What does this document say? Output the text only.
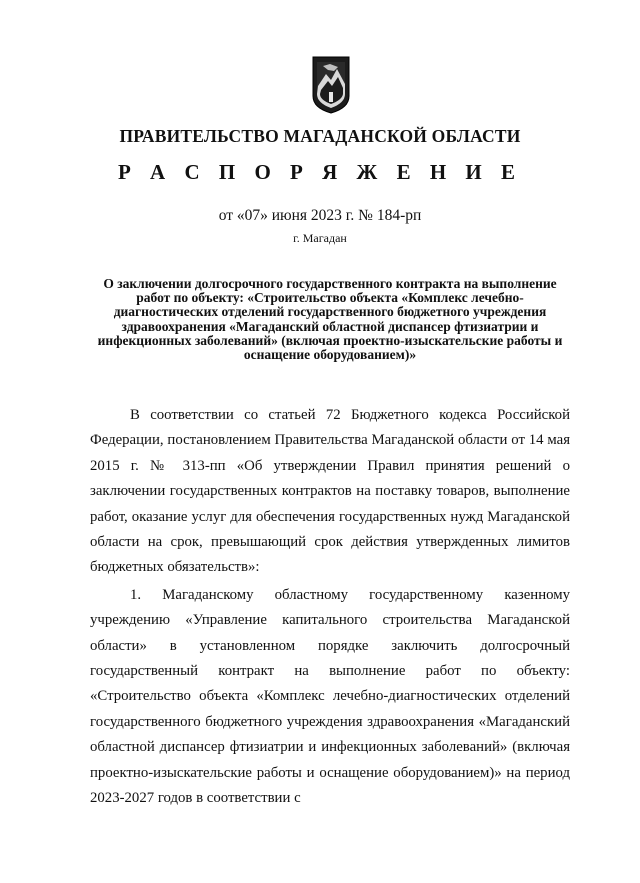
ПРАВИТЕЛЬСТВО МАГАДАНСКОЙ ОБЛАСТИ
Р А С П О Р Я Ж Е Н И Е
от «07» июня 2023 г. № 184-рп
г. Магадан
О заключении долгосрочного государственного контракта на выполнение работ по объекту: «Строительство объекта «Комплекс лечебно-диагностических отделений государственного бюджетного учреждения здравоохранения «Магаданский областной диспансер фтизиатрии и инфекционных заболеваний» (включая проектно-изыскательские работы и оснащение оборудованием)»

В соответствии со статьей 72 Бюджетного кодекса Российской Федерации, постановлением Правительства Магаданской области от 14 мая 2015 г. № 313-пп «Об утверждении Правил принятия решений о заключении государственных контрактов на поставку товаров, выполнение работ, оказание услуг для обеспечения государственных нужд Магаданской области на срок, превышающий срок действия утвержденных лимитов бюджетных обязательств»:

1. Магаданскому областному государственному казенному учреждению «Управление капитального строительства Магаданской области» в установленном порядке заключить долгосрочный государственный контракт на выполнение работ по объекту: «Строительство объекта «Комплекс лечебно-диагностических отделений государственного бюджетного учреждения здравоохранения «Магаданский областной диспансер фтизиатрии и инфекционных заболеваний» (включая проектно-изыскательские работы и оснащение оборудованием)» на период 2023-2027 годов в соответствии с
